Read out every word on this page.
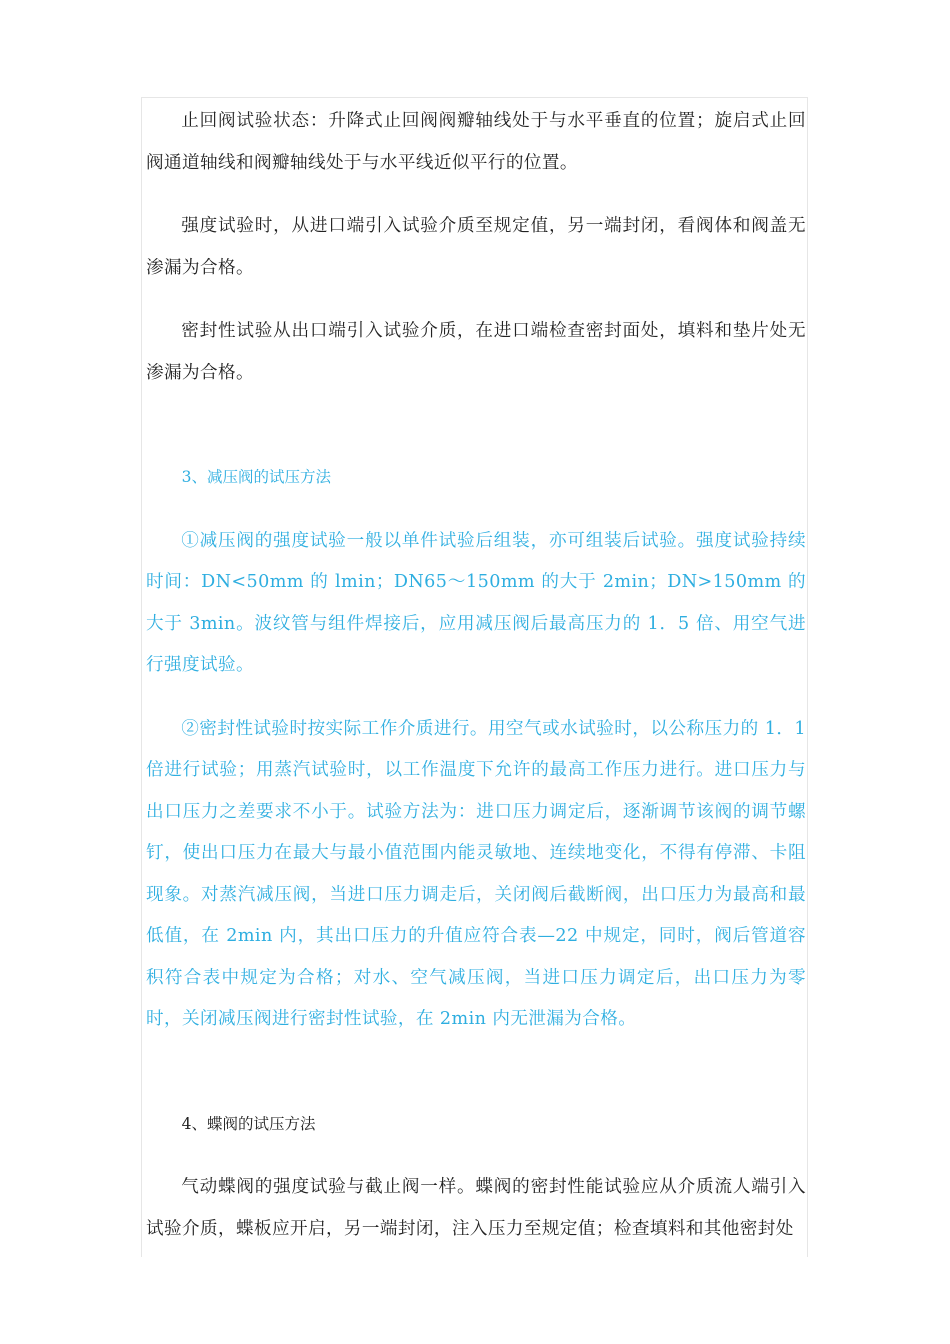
止回阀试验状态：升降式止回阀阀瓣轴线处于与水平垂直的位置；旋启式止回阀通道轴线和阀瓣轴线处于与水平线近似平行的位置。

强度试验时，从进口端引入试验介质至规定值，另一端封闭，看阀体和阀盖无渗漏为合格。

密封性试验从出口端引入试验介质，在进口端检查密封面处，填料和垫片处无渗漏为合格。

3、减压阀的试压方法

①减压阀的强度试验一般以单件试验后组装，亦可组装后试验。强度试验持续时间：DN<50mm 的 lmin；DN65～150mm 的大于 2min；DN>150mm 的大于 3min。波纹管与组件焊接后，应用减压阀后最高压力的 1．5 倍、用空气进行强度试验。

②密封性试验时按实际工作介质进行。用空气或水试验时，以公称压力的 1．1 倍进行试验；用蒸汽试验时，以工作温度下允许的最高工作压力进行。进口压力与出口压力之差要求不小于。试验方法为：进口压力调定后，逐渐调节该阀的调节螺钉，使出口压力在最大与最小值范围内能灵敏地、连续地变化，不得有停滞、卡阻现象。对蒸汽减压阀，当进口压力调走后，关闭阀后截断阀，出口压力为最高和最低值，在 2min 内，其出口压力的升值应符合表—22 中规定，同时，阀后管道容积符合表中规定为合格；对水、空气减压阀，当进口压力调定后，出口压力为零时，关闭减压阀进行密封性试验，在 2min 内无泄漏为合格。

4、蝶阀的试压方法

气动蝶阀的强度试验与截止阀一样。蝶阀的密封性能试验应从介质流人端引入试验介质，蝶板应开启，另一端封闭，注入压力至规定值；检查填料和其他密封处
